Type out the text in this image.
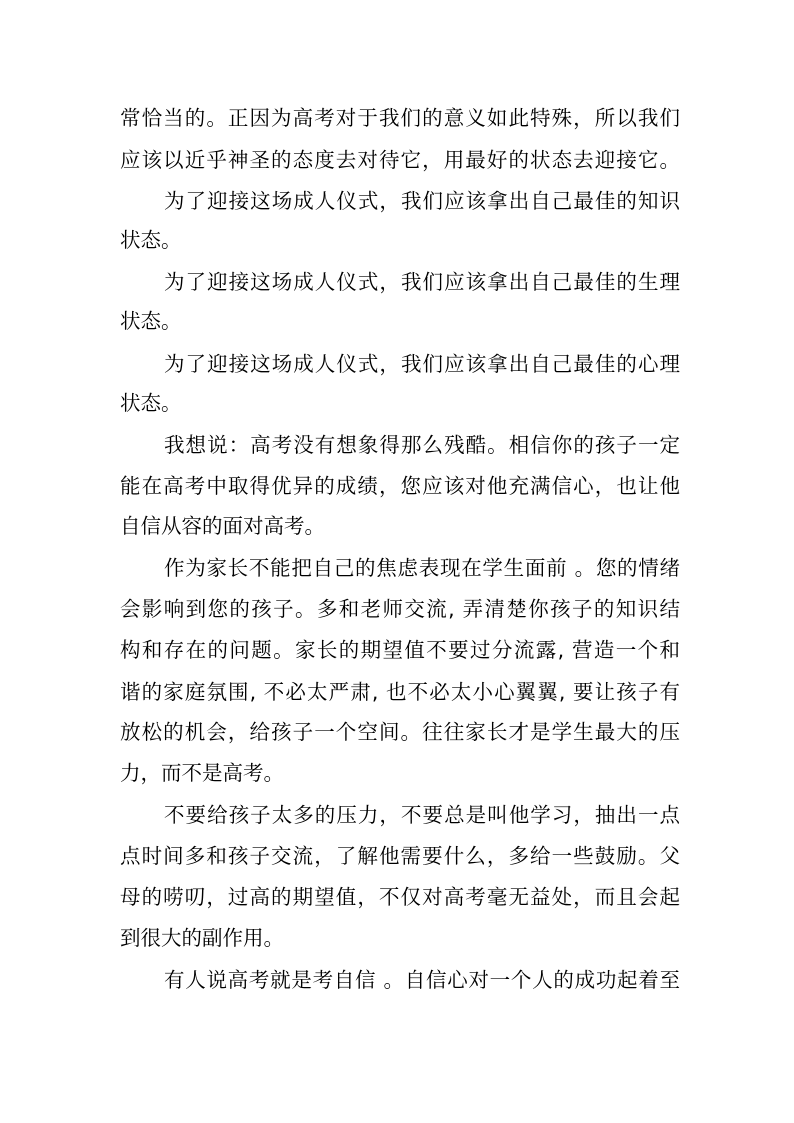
常恰当的。正因为高考对于我们的意义如此特殊，所以我们
应该以近乎神圣的态度去对待它，用最好的状态去迎接它。
为了迎接这场成人仪式，我们应该拿出自己最佳的知识
状态。
为了迎接这场成人仪式，我们应该拿出自己最佳的生理
状态。
为了迎接这场成人仪式，我们应该拿出自己最佳的心理
状态。
我想说：高考没有想象得那么残酷。相信你的孩子一定
能在高考中取得优异的成绩，您应该对他充满信心，也让他
自信从容的面对高考。
作为家长不能把自己的焦虑表现在学生面前 。您的情绪
会影响到您的孩子。多和老师交流, 弄清楚你孩子的知识结
构和存在的问题。家长的期望值不要过分流露, 营造一个和
谐的家庭氛围, 不必太严肃, 也不必太小心翼翼, 要让孩子有
放松的机会，给孩子一个空间。往往家长才是学生最大的压
力，而不是高考。
不要给孩子太多的压力，不要总是叫他学习，抽出一点
点时间多和孩子交流，了解他需要什么，多给一些鼓励。父
母的唠叨，过高的期望值，不仅对高考毫无益处，而且会起
到很大的副作用。
有人说高考就是考自信 。自信心对一个人的成功起着至
